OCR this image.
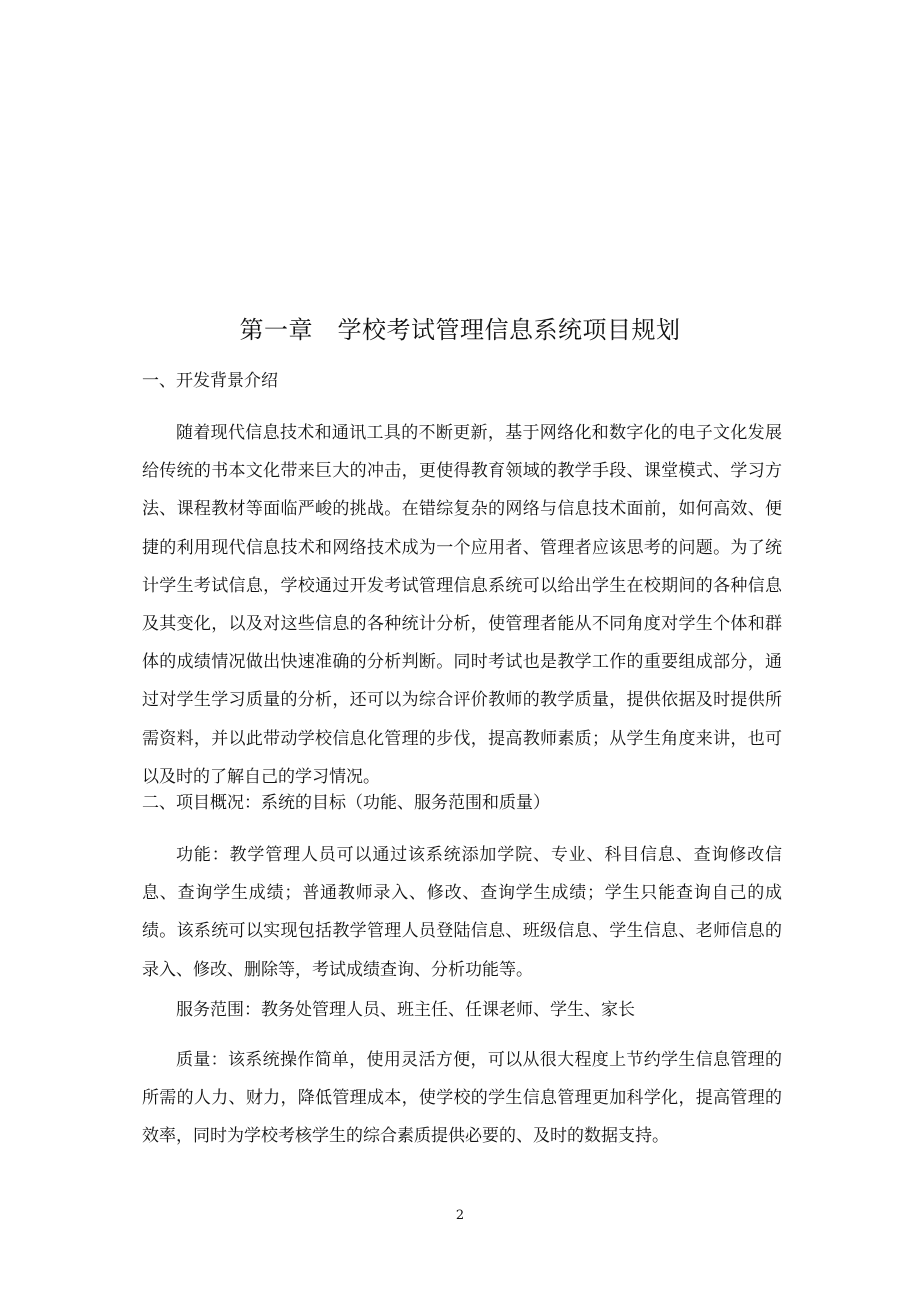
第一章　学校考试管理信息系统项目规划
一、开发背景介绍

随着现代信息技术和通讯工具的不断更新，基于网络化和数字化的电子文化发展给传统的书本文化带来巨大的冲击，更使得教育领域的教学手段、课堂模式、学习方法、课程教材等面临严峻的挑战。在错综复杂的网络与信息技术面前，如何高效、便捷的利用现代信息技术和网络技术成为一个应用者、管理者应该思考的问题。为了统计学生考试信息，学校通过开发考试管理信息系统可以给出学生在校期间的各种信息及其变化，以及对这些信息的各种统计分析，使管理者能从不同角度对学生个体和群体的成绩情况做出快速准确的分析判断。同时考试也是教学工作的重要组成部分，通过对学生学习质量的分析，还可以为综合评价教师的教学质量，提供依据及时提供所需资料，并以此带动学校信息化管理的步伐，提高教师素质；从学生角度来讲，也可以及时的了解自己的学习情况。

二、项目概况：系统的目标（功能、服务范围和质量）

功能：教学管理人员可以通过该系统添加学院、专业、科目信息、查询修改信息、查询学生成绩；普通教师录入、修改、查询学生成绩；学生只能查询自己的成绩。该系统可以实现包括教学管理人员登陆信息、班级信息、学生信息、老师信息的录入、修改、删除等，考试成绩查询、分析功能等。

服务范围：教务处管理人员、班主任、任课老师、学生、家长

质量：该系统操作简单，使用灵活方便，可以从很大程度上节约学生信息管理的所需的人力、财力，降低管理成本，使学校的学生信息管理更加科学化，提高管理的效率，同时为学校考核学生的综合素质提供必要的、及时的数据支持。

2
